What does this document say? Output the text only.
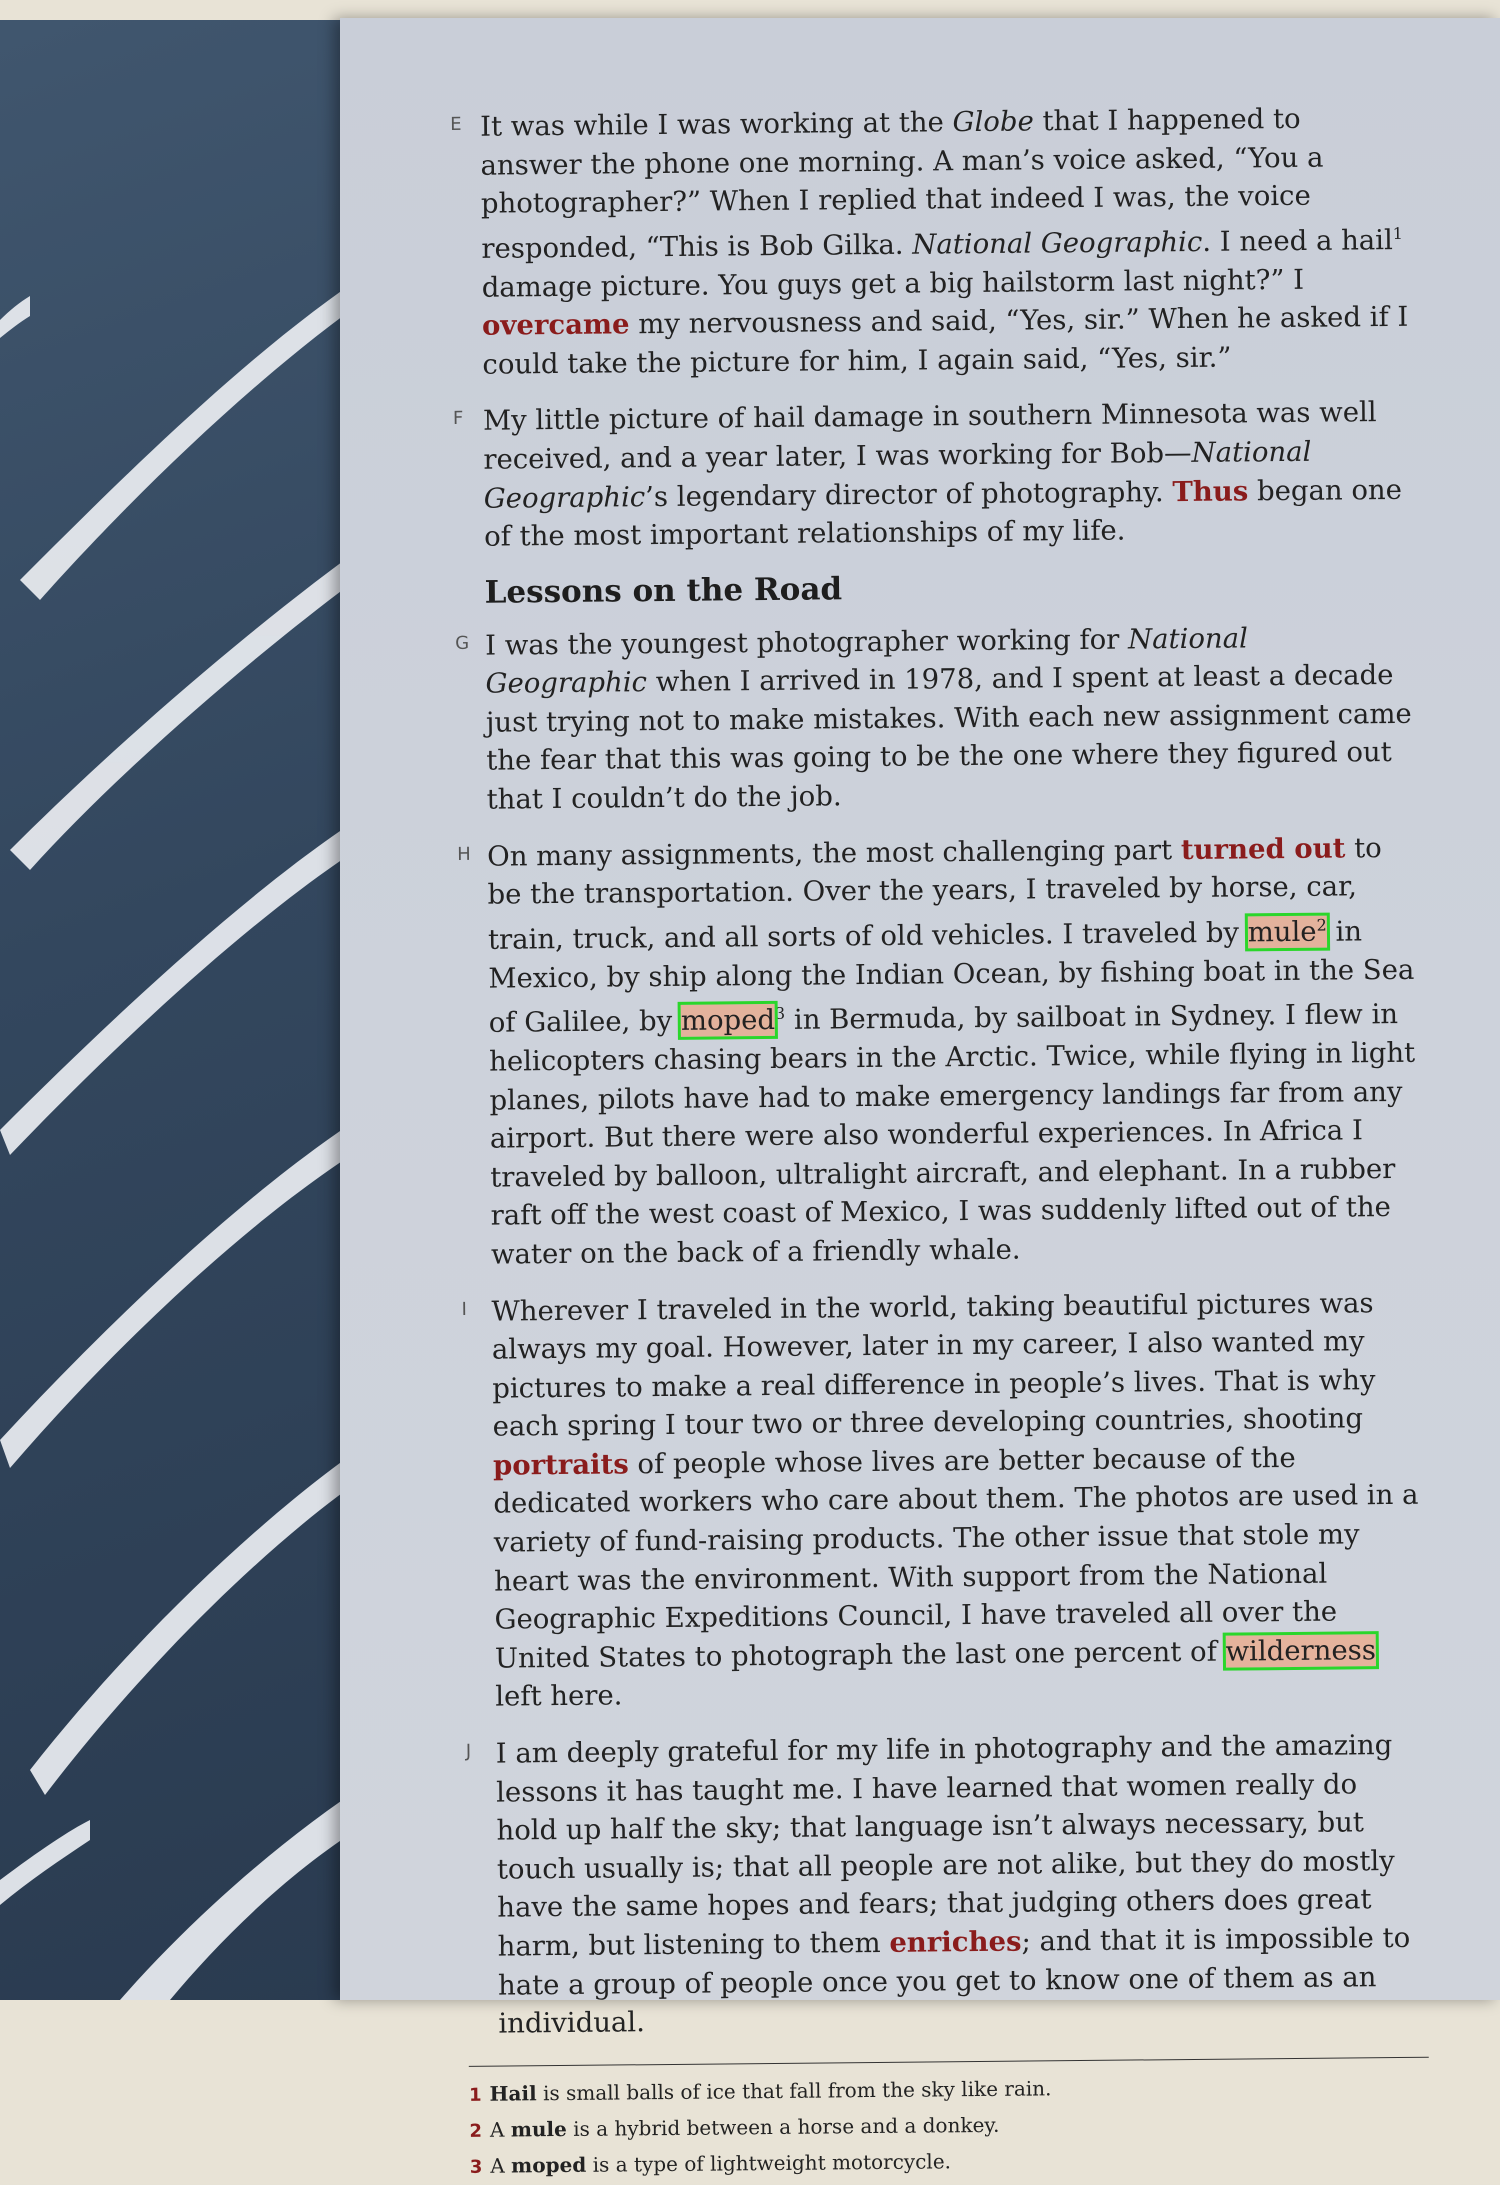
E It was while I was working at the Globe that I happened to answer the phone one morning. A man’s voice asked, “You a photographer?” When I replied that indeed I was, the voice responded, “This is Bob Gilka. National Geographic. I need a hail$^1$ damage picture. You guys get a big hailstorm last night?” I overcame my nervousness and said, “Yes, sir.” When he asked if I could take the picture for him, I again said, “Yes, sir.”
F My little picture of hail damage in southern Minnesota was well received, and a year later, I was working for Bob—National Geographic’s legendary director of photography. Thus began one of the most important relationships of my life.
Lessons on the Road
G I was the youngest photographer working for National Geographic when I arrived in 1978, and I spent at least a decade just trying not to make mistakes. With each new assignment came the fear that this was going to be the one where they figured out that I couldn’t do the job.
H On many assignments, the most challenging part turned out to be the transportation. Over the years, I traveled by horse, car, train, truck, and all sorts of old vehicles. I traveled by mule$^2$ in Mexico, by ship along the Indian Ocean, by fishing boat in the Sea of Galilee, by moped$^3$ in Bermuda, by sailboat in Sydney. I flew in helicopters chasing bears in the Arctic. Twice, while flying in light planes, pilots have had to make emergency landings far from any airport. But there were also wonderful experiences. In Africa I traveled by balloon, ultralight aircraft, and elephant. In a rubber raft off the west coast of Mexico, I was suddenly lifted out of the water on the back of a friendly whale.
I Wherever I traveled in the world, taking beautiful pictures was always my goal. However, later in my career, I also wanted my pictures to make a real difference in people’s lives. That is why each spring I tour two or three developing countries, shooting portraits of people whose lives are better because of the dedicated workers who care about them. The photos are used in a variety of fund-raising products. The other issue that stole my heart was the environment. With support from the National Geographic Expeditions Council, I have traveled all over the United States to photograph the last one percent of wilderness left here.
J I am deeply grateful for my life in photography and the amazing lessons it has taught me. I have learned that women really do hold up half the sky; that language isn’t always necessary, but touch usually is; that all people are not alike, but they do mostly have the same hopes and fears; that judging others does great harm, but listening to them enriches; and that it is impossible to hate a group of people once you get to know one of them as an individual.
1 Hail is small balls of ice that fall from the sky like rain.
2 A mule is a hybrid between a horse and a donkey.
3 A moped is a type of lightweight motorcycle.
